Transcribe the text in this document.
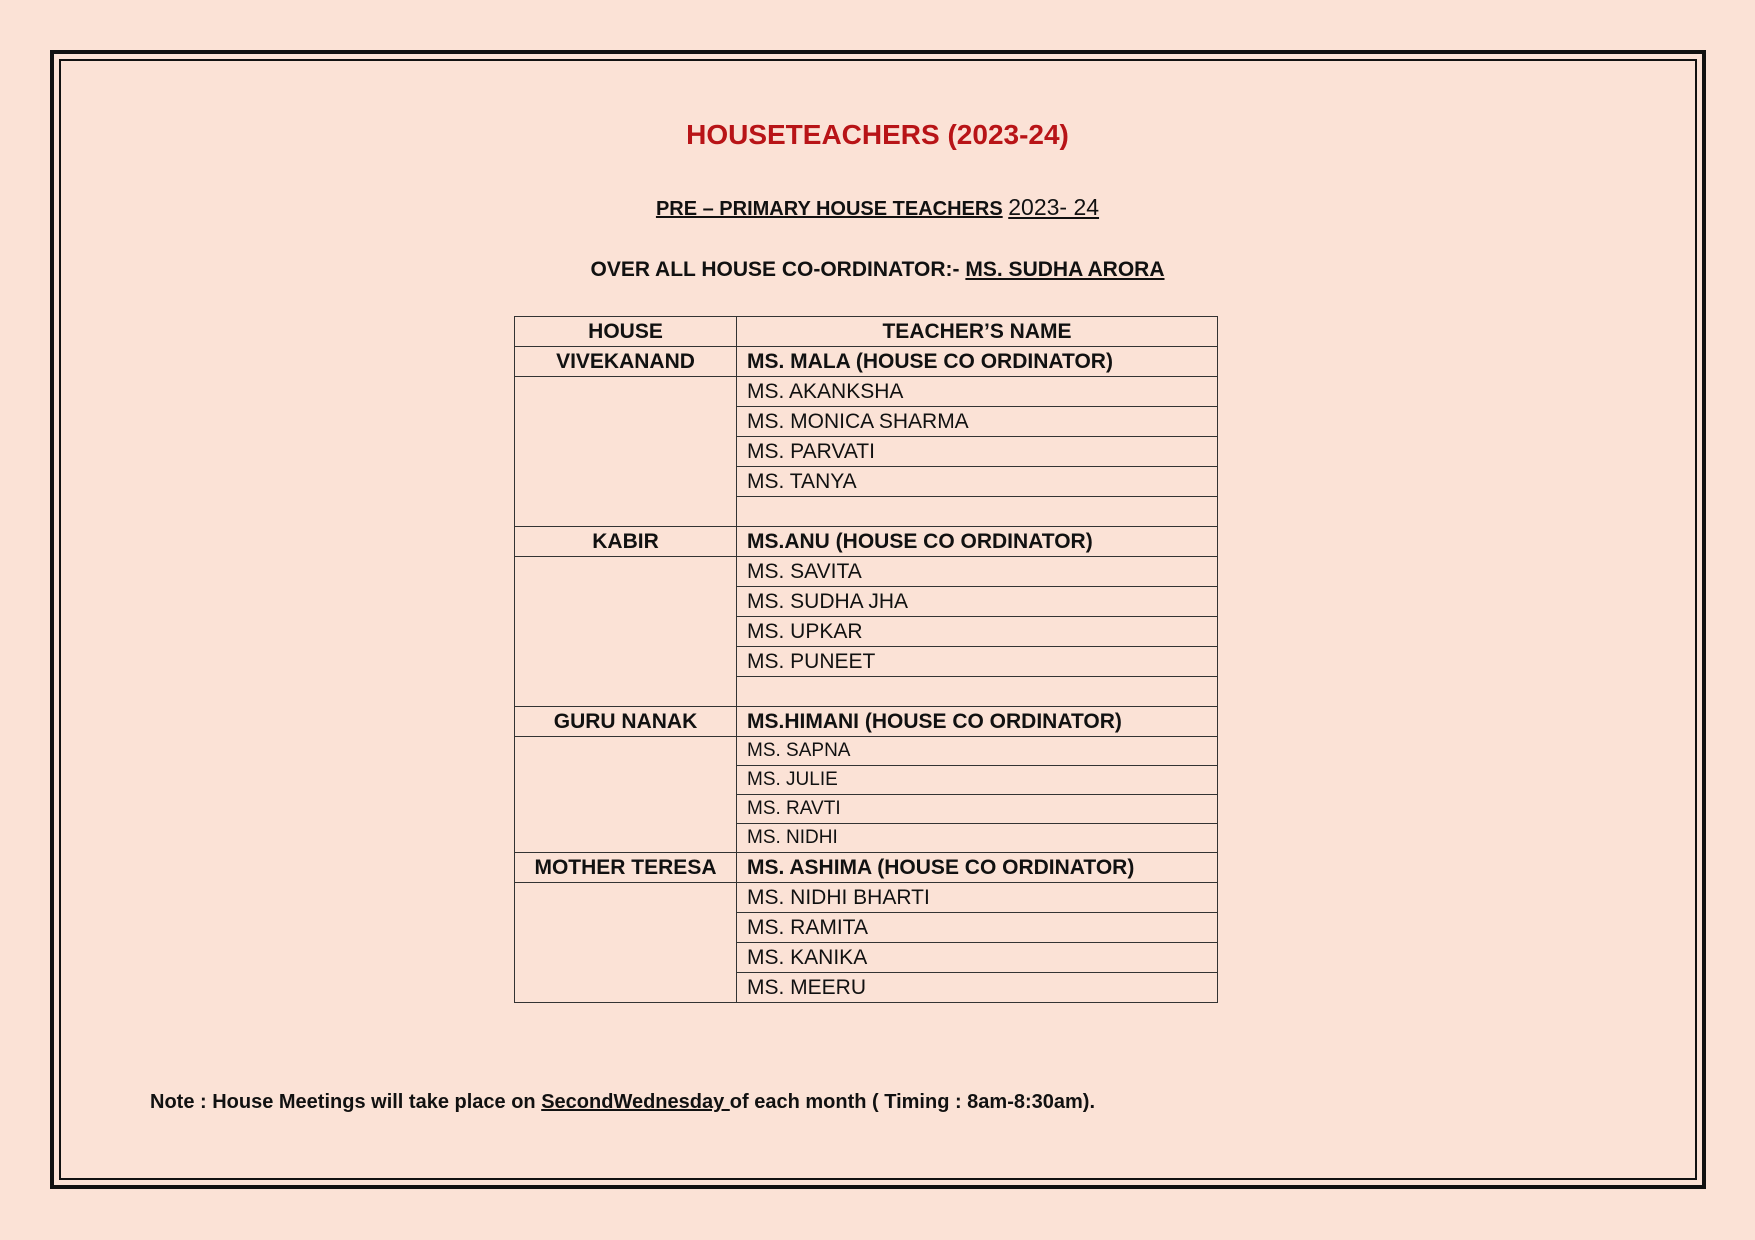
HOUSETEACHERS (2023-24)
PRE – PRIMARY HOUSE TEACHERS 2023- 24
OVER ALL HOUSE CO-ORDINATOR:- MS. SUDHA ARORA
HOUSE	TEACHER’S NAME
VIVEKANAND	MS. MALA (HOUSE CO ORDINATOR)
	MS. AKANKSHA
	MS. MONICA SHARMA
	MS. PARVATI
	MS. TANYA

KABIR	MS.ANU (HOUSE CO ORDINATOR)
	MS. SAVITA
	MS. SUDHA JHA
	MS. UPKAR
	MS. PUNEET

GURU NANAK	MS.HIMANI (HOUSE CO ORDINATOR)
	MS. SAPNA
	MS. JULIE
	MS. RAVTI
	MS. NIDHI
MOTHER TERESA	MS. ASHIMA (HOUSE CO ORDINATOR)
	MS. NIDHI BHARTI
	MS. RAMITA
	MS. KANIKA
	MS. MEERU
Note : House Meetings will take place on SecondWednesday of each month ( Timing : 8am-8:30am).
